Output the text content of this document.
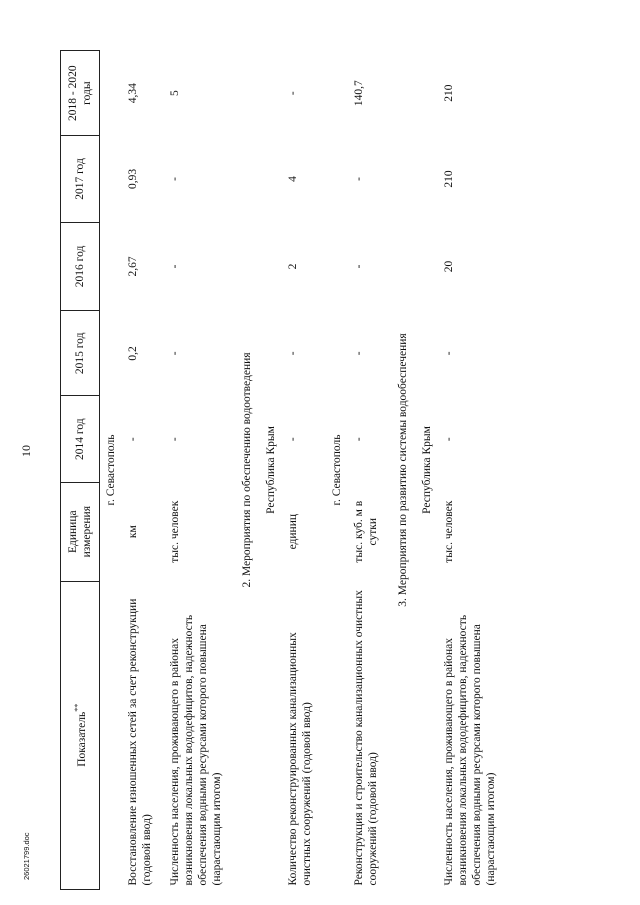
10
Показатель**	Единица измерения	2014 год	2015 год	2016 год	2017 год	2018 - 2020 годы
г. Севастополь						
Восстановление изношенных сетей за счет реконструкции (годовой ввод)	км	-	0,2	2,67	0,93	4,34
Численность населения, проживающего в районах возникновения локальных вододефицитов, надежность обеспечения водными ресурсами которого повышена (нарастающим итогом)	тыс. человек	-	-	-	-	5
2. Мероприятия по обеспечению водоотведения						
Республика Крым						
Количество реконструированных канализационных очистных сооружений (годовой ввод)	единиц	-	-	2	4	-
г. Севастополь						
Реконструкция и строительство канализационных очистных сооружений (годовой ввод)	тыс. куб. м в сутки	-	-	-	-	140,7
3. Мероприятия по развитию системы водообеспечения						
Республика Крым						
Численность населения, проживающего в районах возникновения локальных вододефицитов, надежность обеспечения водными ресурсами которого повышена (нарастающим итогом)	тыс. человек	-	-	20	210	210
26021799.doc
